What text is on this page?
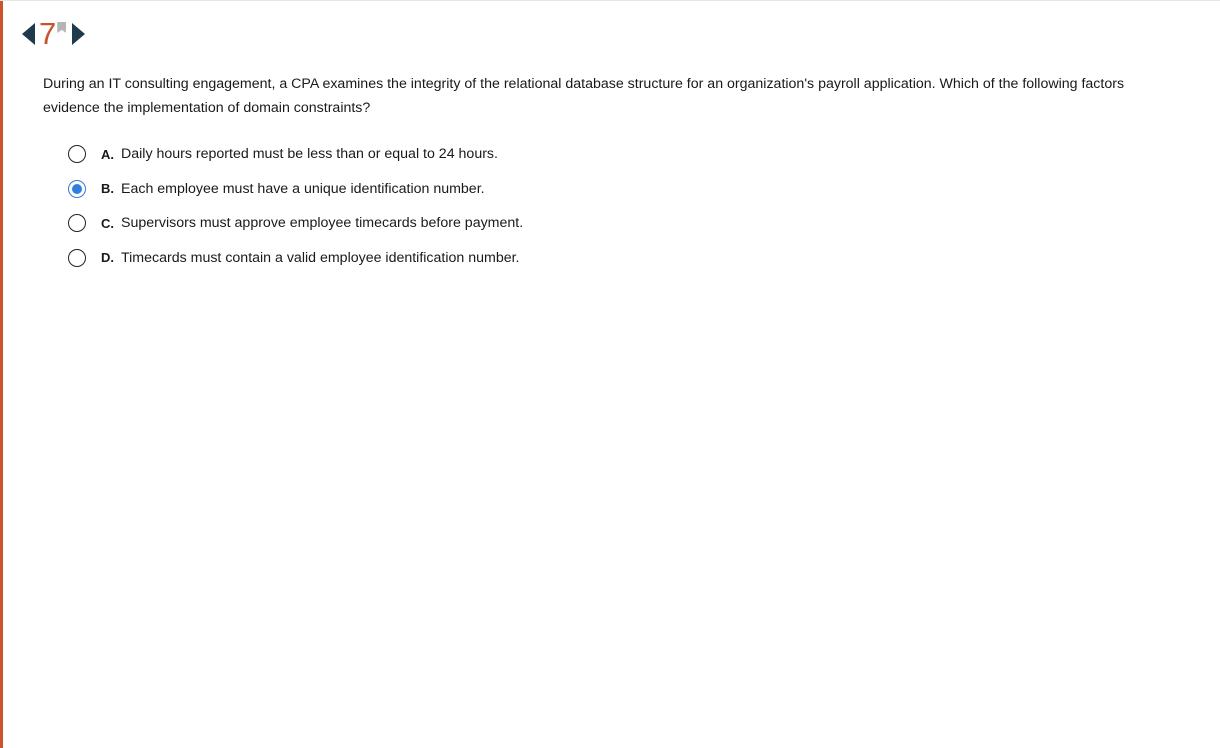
7
During an IT consulting engagement, a CPA examines the integrity of the relational database structure for an organization's payroll application. Which of the following factors evidence the implementation of domain constraints?
A. Daily hours reported must be less than or equal to 24 hours.
B. Each employee must have a unique identification number.
C. Supervisors must approve employee timecards before payment.
D. Timecards must contain a valid employee identification number.
